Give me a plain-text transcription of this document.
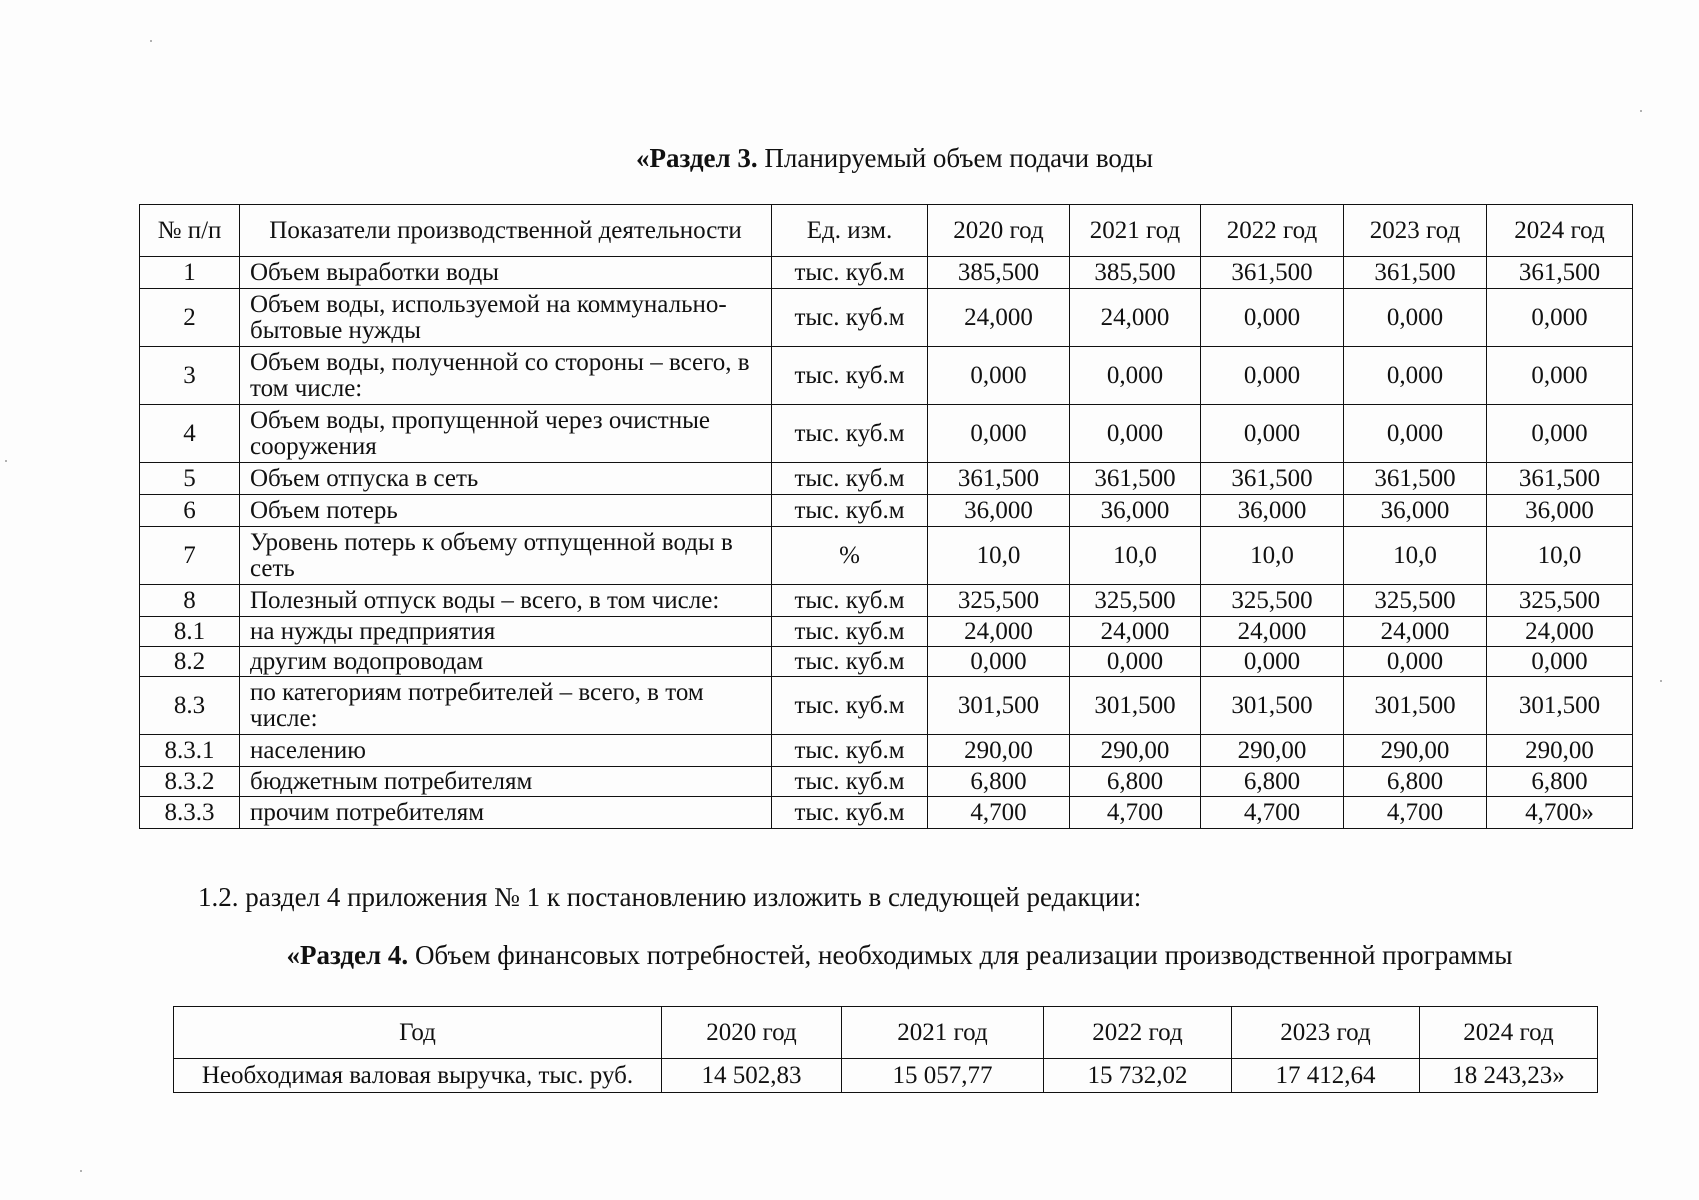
«Раздел 3. Планируемый объем подачи воды
№ п/п	Показатели производственной деятельности	Ед. изм.	2020 год	2021 год	2022 год	2023 год	2024 год
1	Объем выработки воды	тыс. куб.м	385,500	385,500	361,500	361,500	361,500
2	Объем воды, используемой на коммунально-бытовые нужды	тыс. куб.м	24,000	24,000	0,000	0,000	0,000
3	Объем воды, полученной со стороны – всего, в том числе:	тыс. куб.м	0,000	0,000	0,000	0,000	0,000
4	Объем воды, пропущенной через очистные сооружения	тыс. куб.м	0,000	0,000	0,000	0,000	0,000
5	Объем отпуска в сеть	тыс. куб.м	361,500	361,500	361,500	361,500	361,500
6	Объем потерь	тыс. куб.м	36,000	36,000	36,000	36,000	36,000
7	Уровень потерь к объему отпущенной воды в сеть	%	10,0	10,0	10,0	10,0	10,0
8	Полезный отпуск воды – всего, в том числе:	тыс. куб.м	325,500	325,500	325,500	325,500	325,500
8.1	на нужды предприятия	тыс. куб.м	24,000	24,000	24,000	24,000	24,000
8.2	другим водопроводам	тыс. куб.м	0,000	0,000	0,000	0,000	0,000
8.3	по категориям потребителей – всего, в том числе:	тыс. куб.м	301,500	301,500	301,500	301,500	301,500
8.3.1	населению	тыс. куб.м	290,00	290,00	290,00	290,00	290,00
8.3.2	бюджетным потребителям	тыс. куб.м	6,800	6,800	6,800	6,800	6,800
8.3.3	прочим потребителям	тыс. куб.м	4,700	4,700	4,700	4,700	4,700»
1.2. раздел 4 приложения № 1 к постановлению изложить в следующей редакции:
«Раздел 4. Объем финансовых потребностей, необходимых для реализации производственной программы
Год	2020 год	2021 год	2022 год	2023 год	2024 год
Необходимая валовая выручка, тыс. руб.	14 502,83	15 057,77	15 732,02	17 412,64	18 243,23»
